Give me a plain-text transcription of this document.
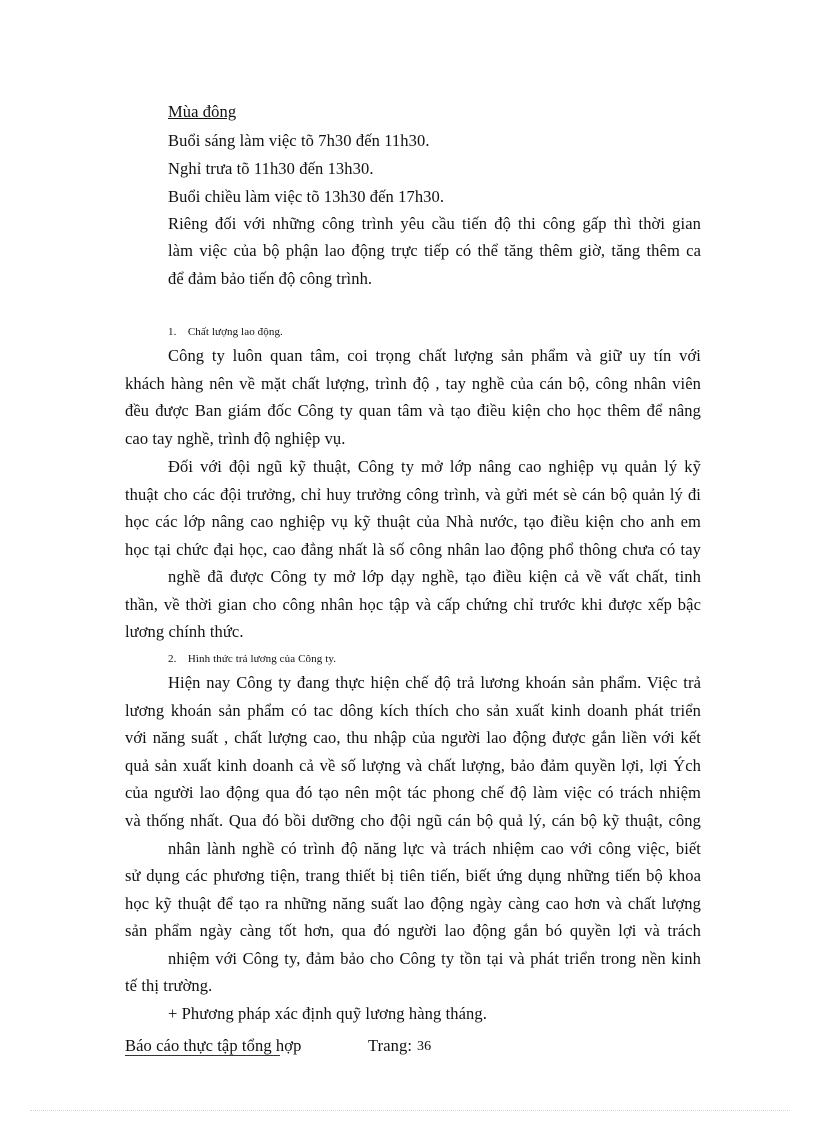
Mùa đông
Buổi sáng làm việc tõ 7h30 đến 11h30.
Nghỉ trưa tõ 11h30 đến 13h30.
Buổi chiều làm việc tõ 13h30 đến 17h30.
Riêng đối với những công trình yêu cầu tiến độ thi công gấp thì thời gian
làm việc của bộ phận lao động trực tiếp có thể tăng thêm giờ, tăng thêm ca
để đảm bảo tiến độ công trình.
1.    Chất lượng lao động.
Công ty luôn quan tâm, coi trọng chất lượng sản phẩm và giữ uy tín với
khách hàng nên về mặt chất lượng, trình độ , tay nghề của cán bộ, công nhân viên
đều được Ban giám đốc Công ty quan tâm và tạo điều kiện cho học thêm để nâng
cao tay nghề, trình độ nghiệp vụ.
Đối với đội ngũ kỹ thuật, Công ty mở lớp nâng cao nghiệp vụ quản lý kỹ
thuật cho các đội trưởng, chỉ huy trưởng công trình, và gửi mét sè cán bộ quản lý đi
học các lớp nâng cao nghiệp vụ kỹ thuật của Nhà nước, tạo điều kiện cho anh em
học tại chức đại học, cao đẳng nhất là số công nhân lao động phổ thông chưa có tay
nghề đã được Công ty mở lớp dạy nghề, tạo điều kiện cả về vất chất, tinh
thần, về thời gian cho công nhân học tập và cấp chứng chỉ trước khi được xếp bậc
lương chính thức.
2.    Hình thức trả lương của Công ty.
Hiện nay Công ty đang thực hiện chế độ trả lương khoán sản phẩm. Việc trả
lương khoán sản phẩm có tac dông kích thích cho sản xuất kinh doanh phát triển
với năng suất , chất lượng cao, thu nhập của người lao động được gắn liền với kết
quả sản xuất kinh doanh cả về số lượng và chất lượng, bảo đảm quyền lợi, lợi Ých
của người lao động qua đó tạo nên một tác phong chế độ làm việc có trách nhiệm
và thống nhất. Qua đó bồi dưỡng cho đội ngũ cán bộ quả lý, cán bộ kỹ thuật, công
nhân lành nghề có trình độ năng lực và trách nhiệm cao với công việc, biết
sử dụng các phương tiện, trang thiết bị tiên tiến, biết ứng dụng những tiến bộ khoa
học kỹ thuật để tạo ra những năng suất lao động ngày càng cao hơn và chất lượng
sản phẩm ngày càng tốt hơn, qua đó người lao động gắn bó quyền lợi và trách
nhiệm với Công ty, đảm bảo cho Công ty tồn tại và phát triển trong nền kinh
tế thị trường.
+ Phương pháp xác định quỹ lương hàng tháng.
Báo cáo thực tập tổng hợp	Trang: 36
